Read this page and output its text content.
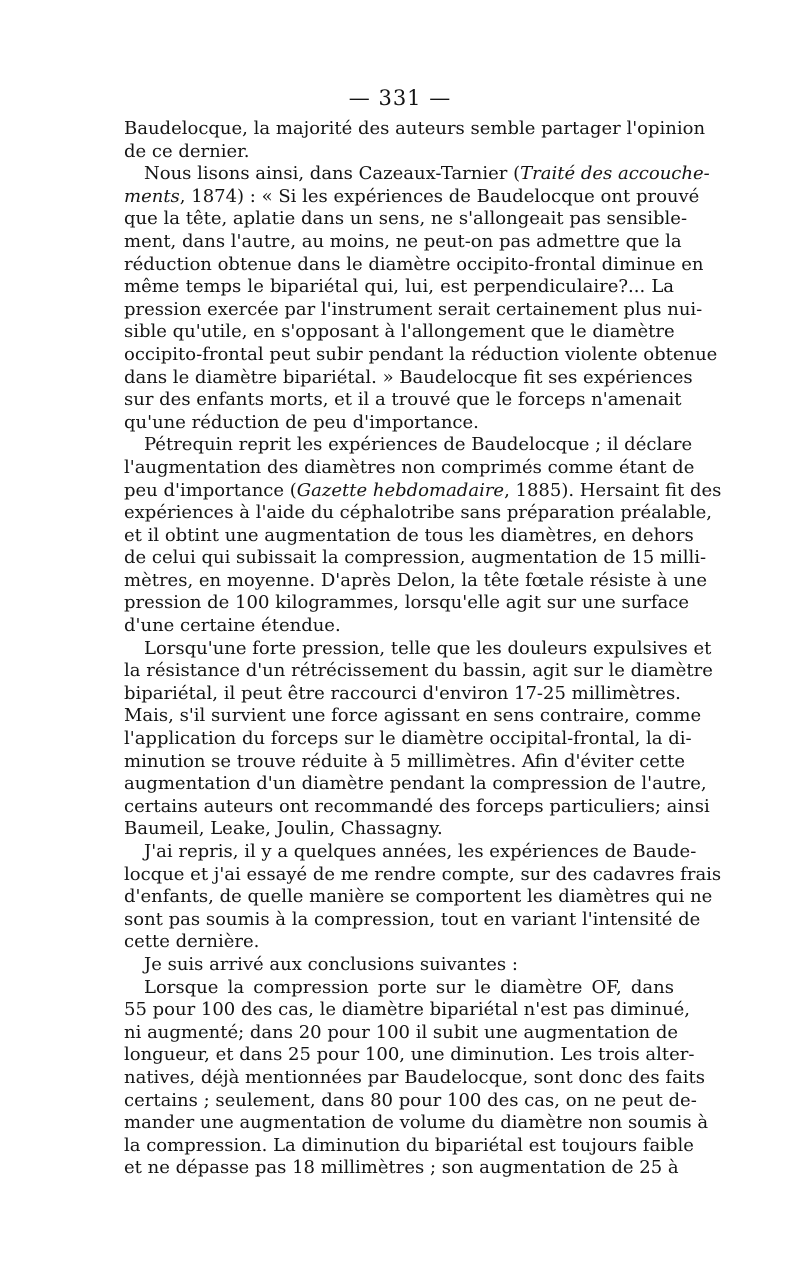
— 331 —
Baudelocque, la majorité des auteurs semble partager l'opinion
de ce dernier.
Nous lisons ainsi, dans Cazeaux-Tarnier (Traité des accouche-
ments, 1874) : « Si les expériences de Baudelocque ont prouvé
que la tête, aplatie dans un sens, ne s'allongeait pas sensible-
ment, dans l'autre, au moins, ne peut-on pas admettre que la
réduction obtenue dans le diamètre occipito-frontal diminue en
même temps le bipariétal qui, lui, est perpendiculaire?... La
pression exercée par l'instrument serait certainement plus nui-
sible qu'utile, en s'opposant à l'allongement que le diamètre
occipito-frontal peut subir pendant la réduction violente obtenue
dans le diamètre bipariétal. » Baudelocque fit ses expériences
sur des enfants morts, et il a trouvé que le forceps n'amenait
qu'une réduction de peu d'importance.
Pétrequin reprit les expériences de Baudelocque ; il déclare
l'augmentation des diamètres non comprimés comme étant de
peu d'importance (Gazette hebdomadaire, 1885). Hersaint fit des
expériences à l'aide du céphalotribe sans préparation préalable,
et il obtint une augmentation de tous les diamètres, en dehors
de celui qui subissait la compression, augmentation de 15 milli-
mètres, en moyenne. D'après Delon, la tête fœtale résiste à une
pression de 100 kilogrammes, lorsqu'elle agit sur une surface
d'une certaine étendue.
Lorsqu'une forte pression, telle que les douleurs expulsives et
la résistance d'un rétrécissement du bassin, agit sur le diamètre
bipariétal, il peut être raccourci d'environ 17-25 millimètres.
Mais, s'il survient une force agissant en sens contraire, comme
l'application du forceps sur le diamètre occipital-frontal, la di-
minution se trouve réduite à 5 millimètres. Afin d'éviter cette
augmentation d'un diamètre pendant la compression de l'autre,
certains auteurs ont recommandé des forceps particuliers; ainsi
Baumeil, Leake, Joulin, Chassagny.
J'ai repris, il y a quelques années, les expériences de Baude-
locque et j'ai essayé de me rendre compte, sur des cadavres frais
d'enfants, de quelle manière se comportent les diamètres qui ne
sont pas soumis à la compression, tout en variant l'intensité de
cette dernière.
Je suis arrivé aux conclusions suivantes :
Lorsque la compression porte sur le diamètre OF, dans
55 pour 100 des cas, le diamètre bipariétal n'est pas diminué,
ni augmenté; dans 20 pour 100 il subit une augmentation de
longueur, et dans 25 pour 100, une diminution. Les trois alter-
natives, déjà mentionnées par Baudelocque, sont donc des faits
certains ; seulement, dans 80 pour 100 des cas, on ne peut de-
mander une augmentation de volume du diamètre non soumis à
la compression. La diminution du bipariétal est toujours faible
et ne dépasse pas 18 millimètres ; son augmentation de 25 à
